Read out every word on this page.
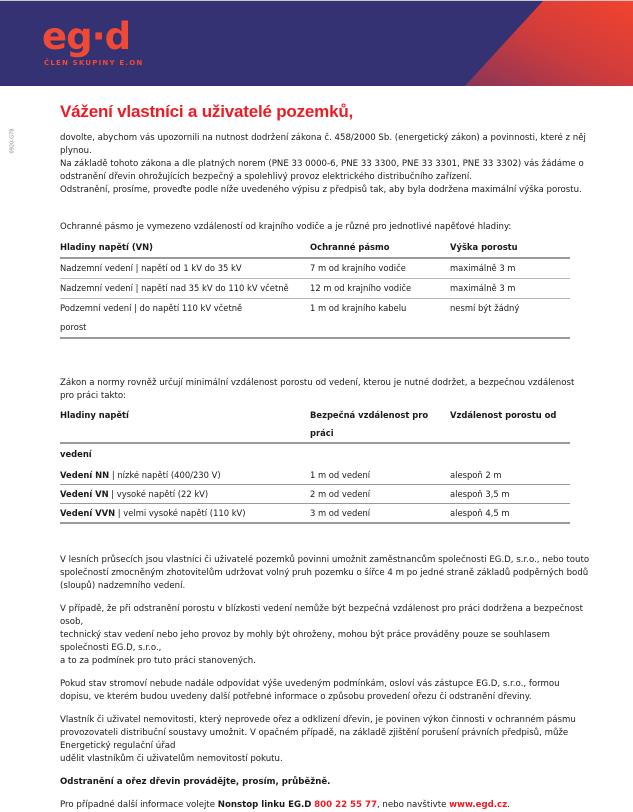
eg·d
ČLEN SKUPINY E.ON
0920-G78
Vážení vlastníci a uživatelé pozemků,

dovolte, abychom vás upozornili na nutnost dodržení zákona č. 458/2000 Sb. (energetický zákon) a povinnosti, které z něj plynou.

Na základě tohoto zákona a dle platných norem (PNE 33 0000-6, PNE 33 3300, PNE 33 3301, PNE 33 3302) vás žádáme o odstranění dřevin ohrožujících bezpečný a spolehlivý provoz elektrického distribučního zařízení.

Odstranění, prosíme, proveďte podle níže uvedeného výpisu z předpisů tak, aby byla dodržena maximální výška porostu.

Ochranné pásmo je vymezeno vzdáleností od krajního vodiče a je různé pro jednotlivé napěťové hladiny:

Hladiny napětí (VN)	Ochranné pásmo	Výška porostu
Nadzemní vedení | napětí od 1 kV do 35 kV	7 m od krajního vodiče	maximálně 3 m
Nadzemní vedení | napětí nad 35 kV do 110 kV včetně	12 m od krajního vodiče	maximálně 3 m
Podzemní vedení | do napětí 110 kV včetně	1 m od krajního kabelu	nesmí být žádný
porost		

Zákon a normy rovněž určují minimální vzdálenost porostu od vedení, kterou je nutné dodržet, a bezpečnou vzdálenost pro práci takto:

Hladiny napětí	Bezpečná vzdálenost pro práci	Vzdálenost porostu od
vedení		
Vedení NN | nízké napětí (400/230 V)	1 m od vedení	alespoň 2 m
Vedení VN | vysoké napětí (22 kV)	2 m od vedení	alespoň 3,5 m
Vedení VVN | velmi vysoké napětí (110 kV)	3 m od vedení	alespoň 4,5 m

V lesních průsecích jsou vlastníci či uživatelé pozemků povinni umožnit zaměstnancům společnosti EG.D, s.r.o., nebo touto společností zmocněným zhotovitelům udržovat volný pruh pozemku o šířce 4 m po jedné straně základů podpěrných bodů (sloupů) nadzemního vedení.

V případě, že při odstranění porostu v blízkosti vedení nemůže být bezpečná vzdálenost pro práci dodržena a bezpečnost osob,

technický stav vedení nebo jeho provoz by mohly být ohroženy, mohou být práce prováděny pouze se souhlasem společnosti EG.D, s.r.o.,

a to za podmínek pro tuto práci stanovených.

Pokud stav stromoví nebude nadále odpovídat výše uvedeným podmínkám, osloví vás zástupce EG.D, s.r.o., formou dopisu, ve kterém budou uvedeny další potřebné informace o způsobu provedení ořezu či odstranění dřeviny.

Vlastník či uživatel nemovitosti, který neprovede ořez a odklizení dřevin, je povinen výkon činnosti v ochranném pásmu provozovateli distribuční soustavy umožnit. V opačném případě, na základě zjištění porušení právních předpisů, může Energetický regulační úřad

udělit vlastníkům či uživatelům nemovitostí pokutu.

Odstranění a ořez dřevin provádějte, prosím, průběžně.

Pro případné další informace volejte Nonstop linku EG.D 800 22 55 77, nebo navštivte www.egd.cz.
